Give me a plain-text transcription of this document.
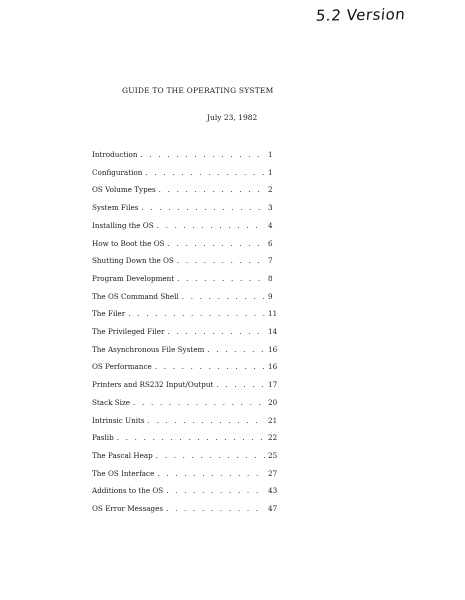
5.2 Version
GUIDE TO THE OPERATING SYSTEM
July 23, 1982
Introduction . . .	1
Configuration . . .	1
OS Volume Types . . .	2
System Files . . .	3
Installing the OS . . .	4
How to Boot the OS . . .	6
Shutting Down the OS . . .	7
Program Development . . .	8
The OS Command Shell . . .	9
The Filer . . .	11
The Privileged Filer . . .	14
The Asynchronous File System . . .	16
OS Performance . . .	16
Printers and RS232 Input/Output . . .	17
Stack Size . . .	20
Intrinsic Units . . .	21
Paslib . . .	22
The Pascal Heap . . .	25
The OS Interface . . .	27
Additions to the OS . . .	43
OS Error Messages . . .	47
